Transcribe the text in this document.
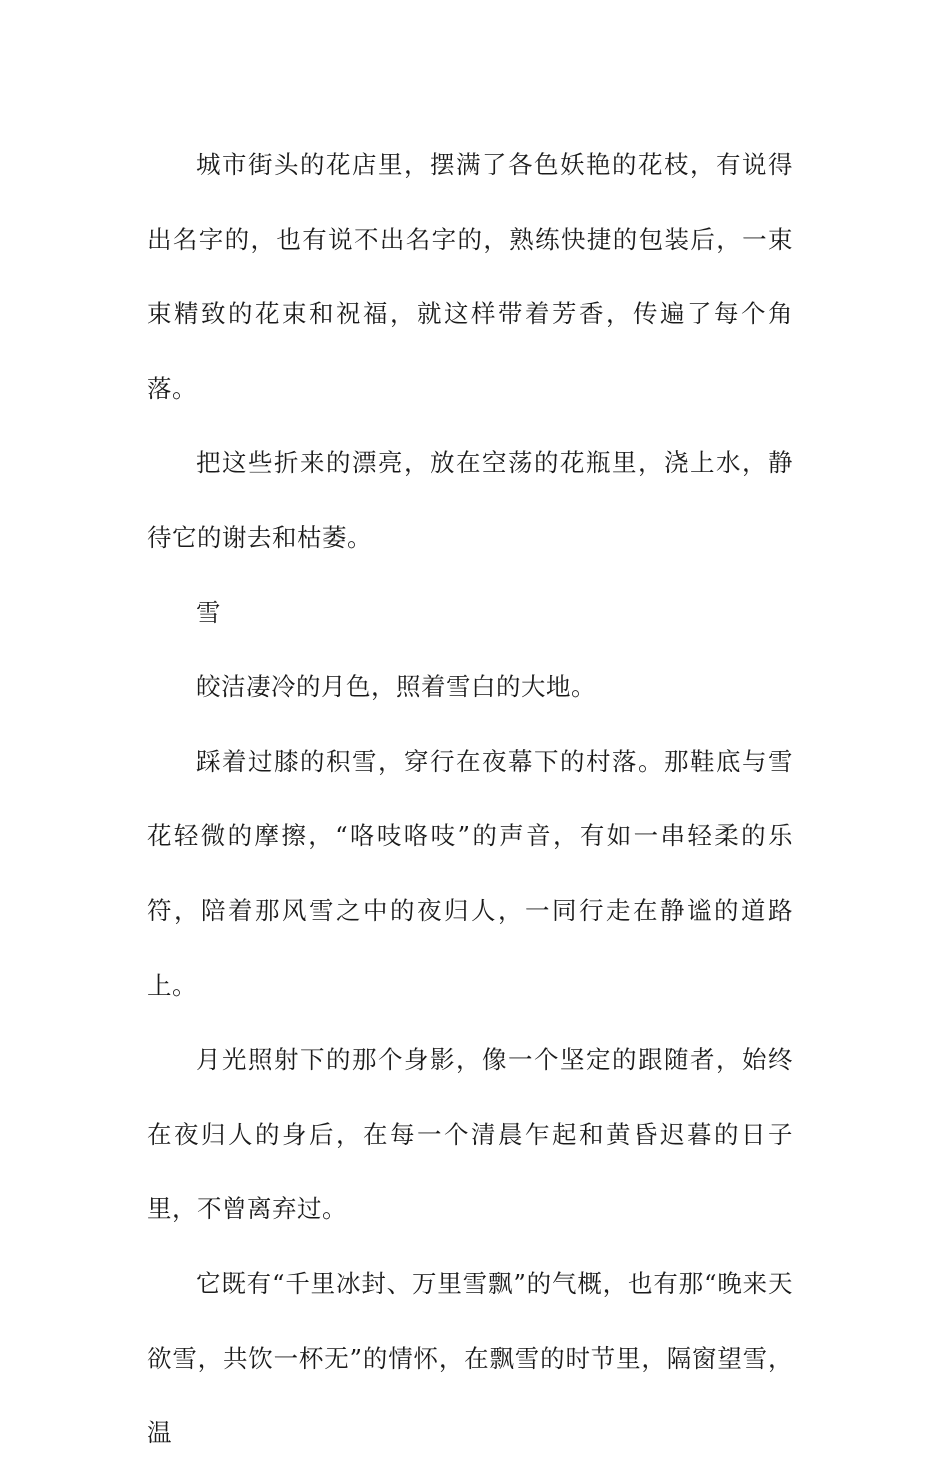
城市街头的花店里，摆满了各色妖艳的花枝，有说得出名字的，也有说不出名字的，熟练快捷的包装后，一束束精致的花束和祝福，就这样带着芳香，传遍了每个角落。

把这些折来的漂亮，放在空荡的花瓶里，浇上水，静待它的谢去和枯萎。

雪

皎洁凄冷的月色，照着雪白的大地。

踩着过膝的积雪，穿行在夜幕下的村落。那鞋底与雪花轻微的摩擦，“咯吱咯吱”的声音，有如一串轻柔的乐符，陪着那风雪之中的夜归人，一同行走在静谧的道路上。

月光照射下的那个身影，像一个坚定的跟随者，始终在夜归人的身后，在每一个清晨乍起和黄昏迟暮的日子里，不曾离弃过。

它既有“千里冰封、万里雪飘”的气概，也有那“晚来天欲雪，共饮一杯无”的情怀，在飘雪的时节里，隔窗望雪，温
